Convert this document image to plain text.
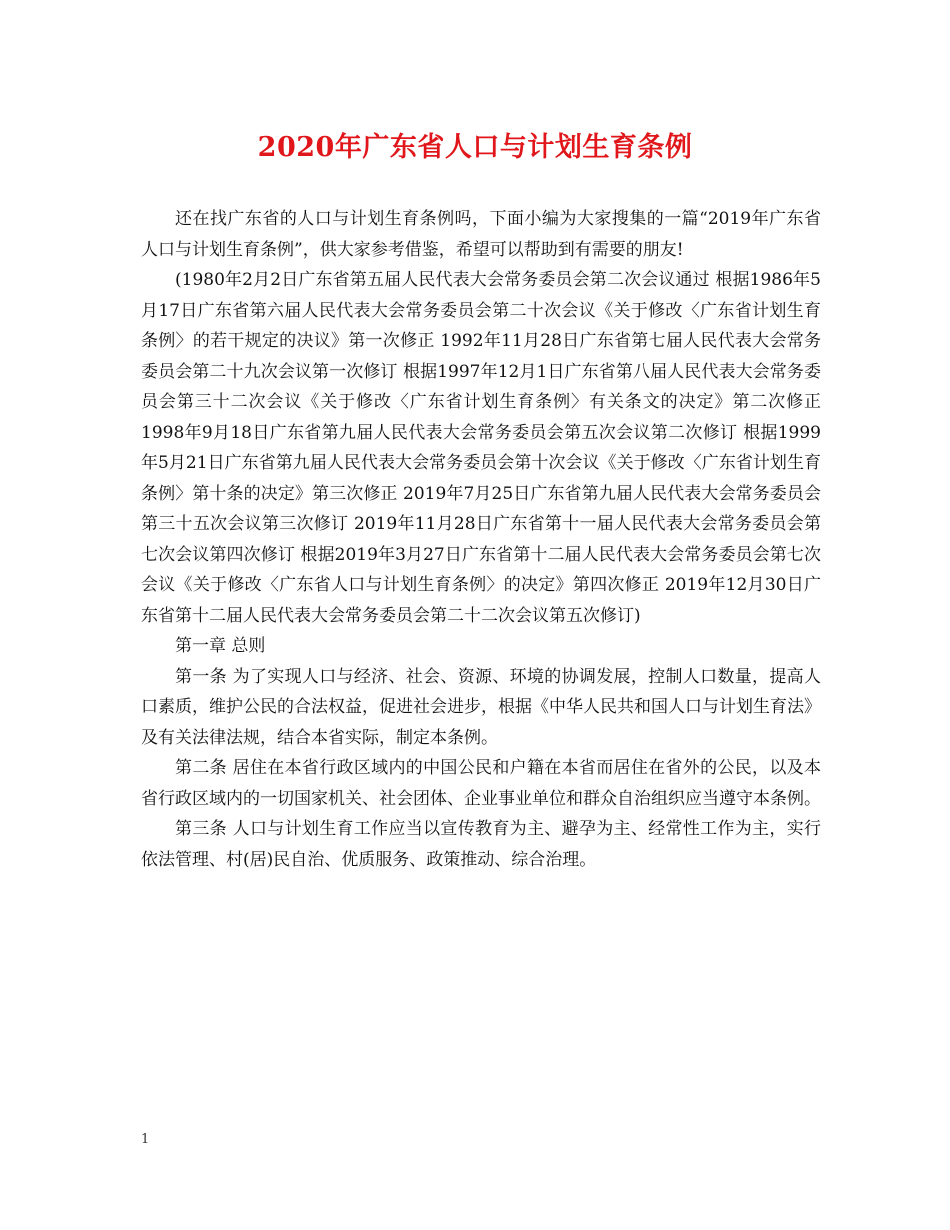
2020年广东省人口与计划生育条例

还在找广东省的人口与计划生育条例吗，下面小编为大家搜集的一篇“2019年广东省人口与计划生育条例”，供大家参考借鉴，希望可以帮助到有需要的朋友!

(1980年2月2日广东省第五届人民代表大会常务委员会第二次会议通过 根据1986年5月17日广东省第六届人民代表大会常务委员会第二十次会议《关于修改〈广东省计划生育条例〉的若干规定的决议》第一次修正 1992年11月28日广东省第七届人民代表大会常务委员会第二十九次会议第一次修订 根据1997年12月1日广东省第八届人民代表大会常务委员会第三十二次会议《关于修改〈广东省计划生育条例〉有关条文的决定》第二次修正 1998年9月18日广东省第九届人民代表大会常务委员会第五次会议第二次修订 根据1999年5月21日广东省第九届人民代表大会常务委员会第十次会议《关于修改〈广东省计划生育条例〉第十条的决定》第三次修正 2019年7月25日广东省第九届人民代表大会常务委员会第三十五次会议第三次修订 2019年11月28日广东省第十一届人民代表大会常务委员会第七次会议第四次修订 根据2019年3月27日广东省第十二届人民代表大会常务委员会第七次会议《关于修改〈广东省人口与计划生育条例〉的决定》第四次修正 2019年12月30日广东省第十二届人民代表大会常务委员会第二十二次会议第五次修订)

第一章 总则

第一条 为了实现人口与经济、社会、资源、环境的协调发展，控制人口数量，提高人口素质，维护公民的合法权益，促进社会进步，根据《中华人民共和国人口与计划生育法》及有关法律法规，结合本省实际，制定本条例。

第二条 居住在本省行政区域内的中国公民和户籍在本省而居住在省外的公民，以及本省行政区域内的一切国家机关、社会团体、企业事业单位和群众自治组织应当遵守本条例。

第三条 人口与计划生育工作应当以宣传教育为主、避孕为主、经常性工作为主，实行依法管理、村(居)民自治、优质服务、政策推动、综合治理。

1
